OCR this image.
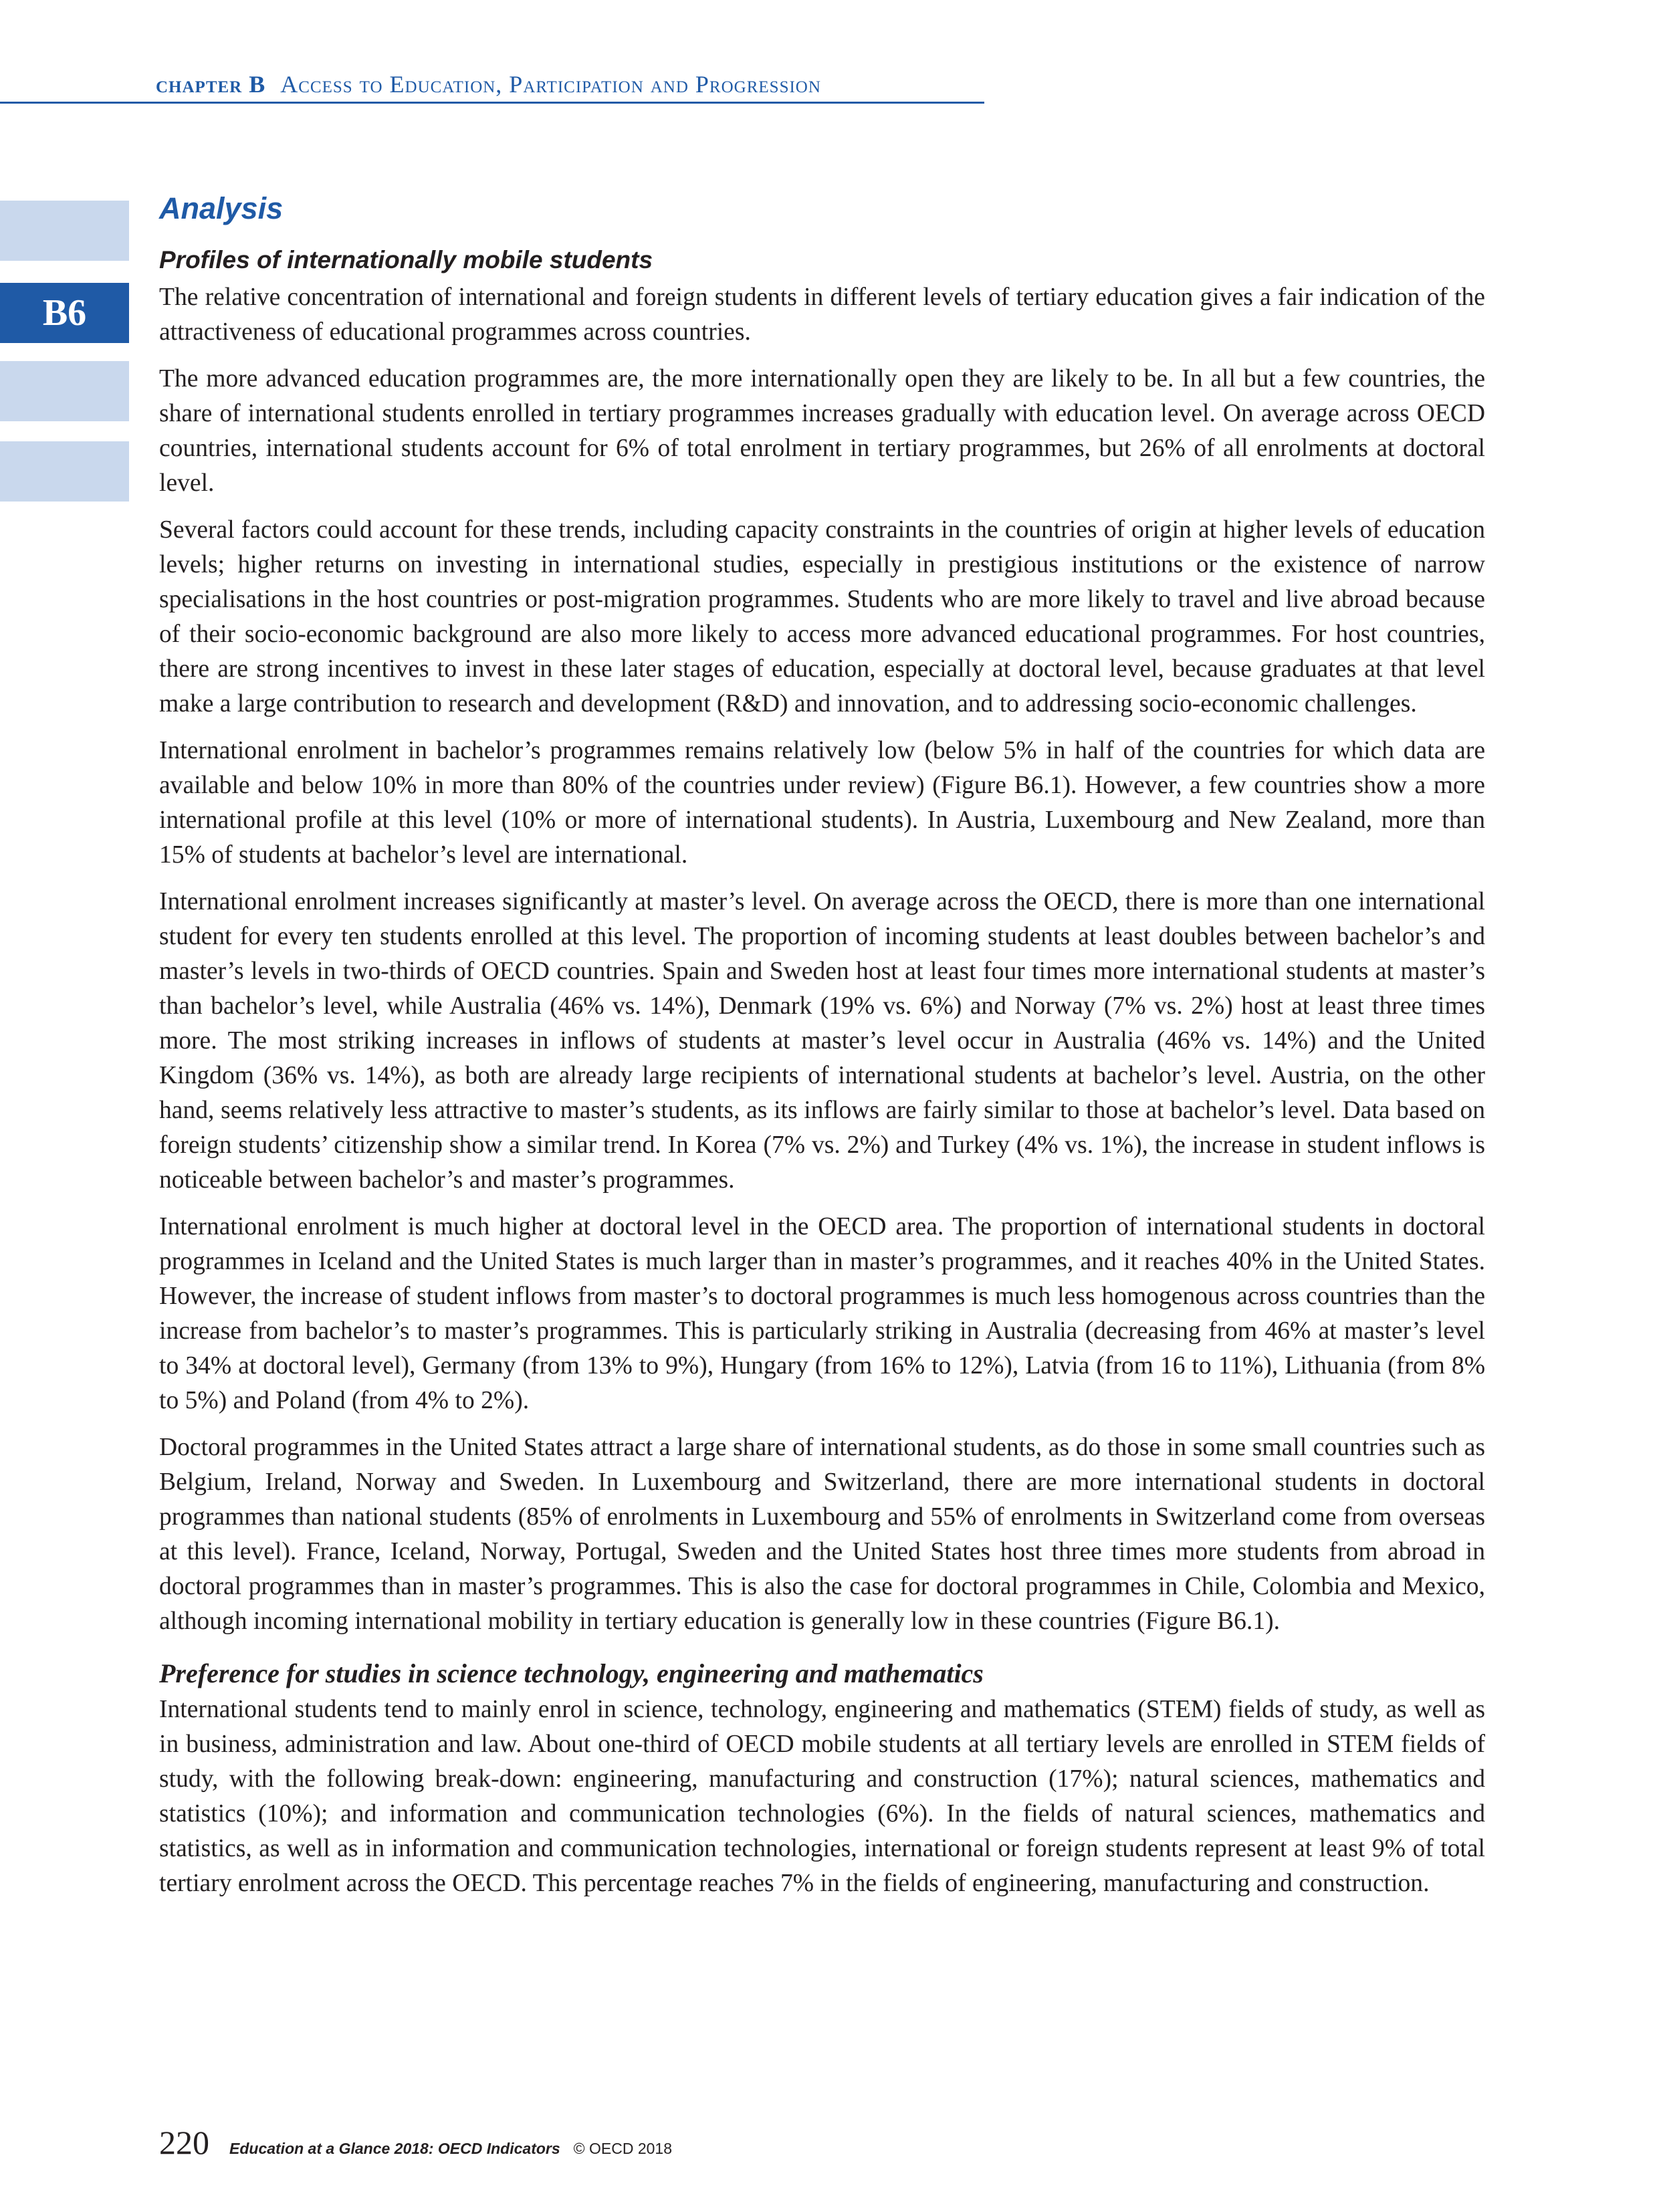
chapter B Access to Education, Participation and Progression
B6
Analysis
Profiles of internationally mobile students

The relative concentration of international and foreign students in different levels of tertiary education gives a fair indication of the attractiveness of educational programmes across countries.

The more advanced education programmes are, the more internationally open they are likely to be. In all but a few countries, the share of international students enrolled in tertiary programmes increases gradually with education level. On average across OECD countries, international students account for 6% of total enrolment in tertiary programmes, but 26% of all enrolments at doctoral level.

Several factors could account for these trends, including capacity constraints in the countries of origin at higher levels of education levels; higher returns on investing in international studies, especially in prestigious institutions or the existence of narrow specialisations in the host countries or post-migration programmes. Students who are more likely to travel and live abroad because of their socio-economic background are also more likely to access more advanced educational programmes. For host countries, there are strong incentives to invest in these later stages of education, especially at doctoral level, because graduates at that level make a large contribution to research and development (R&D) and innovation, and to addressing socio-economic challenges.

International enrolment in bachelor’s programmes remains relatively low (below 5% in half of the countries for which data are available and below 10% in more than 80% of the countries under review) (Figure B6.1). However, a few countries show a more international profile at this level (10% or more of international students). In Austria, Luxembourg and New Zealand, more than 15% of students at bachelor’s level are international.

International enrolment increases significantly at master’s level. On average across the OECD, there is more than one international student for every ten students enrolled at this level. The proportion of incoming students at least doubles between bachelor’s and master’s levels in two-thirds of OECD countries. Spain and Sweden host at least four times more international students at master’s than bachelor’s level, while Australia (46% vs. 14%), Denmark (19% vs. 6%) and Norway (7% vs. 2%) host at least three times more. The most striking increases in inflows of students at master’s level occur in Australia (46% vs. 14%) and the United Kingdom (36% vs. 14%), as both are already large recipients of international students at bachelor’s level. Austria, on the other hand, seems relatively less attractive to master’s students, as its inflows are fairly similar to those at bachelor’s level. Data based on foreign students’ citizenship show a similar trend. In Korea (7% vs. 2%) and Turkey (4% vs. 1%), the increase in student inflows is noticeable between bachelor’s and master’s programmes.

International enrolment is much higher at doctoral level in the OECD area. The proportion of international students in doctoral programmes in Iceland and the United States is much larger than in master’s programmes, and it reaches 40% in the United States. However, the increase of student inflows from master’s to doctoral programmes is much less homogenous across countries than the increase from bachelor’s to master’s programmes. This is particularly striking in Australia (decreasing from 46% at master’s level to 34% at doctoral level), Germany (from 13% to 9%), Hungary (from 16% to 12%), Latvia (from 16 to 11%), Lithuania (from 8% to 5%) and Poland (from 4% to 2%).

Doctoral programmes in the United States attract a large share of international students, as do those in some small countries such as Belgium, Ireland, Norway and Sweden. In Luxembourg and Switzerland, there are more international students in doctoral programmes than national students (85% of enrolments in Luxembourg and 55% of enrolments in Switzerland come from overseas at this level). France, Iceland, Norway, Portugal, Sweden and the United States host three times more students from abroad in doctoral programmes than in master’s programmes. This is also the case for doctoral programmes in Chile, Colombia and Mexico, although incoming international mobility in tertiary education is generally low in these countries (Figure B6.1).

Preference for studies in science technology, engineering and mathematics

International students tend to mainly enrol in science, technology, engineering and mathematics (STEM) fields of study, as well as in business, administration and law. About one-third of OECD mobile students at all tertiary levels are enrolled in STEM fields of study, with the following break-down: engineering, manufacturing and construction (17%); natural sciences, mathematics and statistics (10%); and information and communication technologies (6%). In the fields of natural sciences, mathematics and statistics, as well as in information and communication technologies, international or foreign students represent at least 9% of total tertiary enrolment across the OECD. This percentage reaches 7% in the fields of engineering, manufacturing and construction.

220 Education at a Glance 2018: OECD Indicators © OECD 2018
